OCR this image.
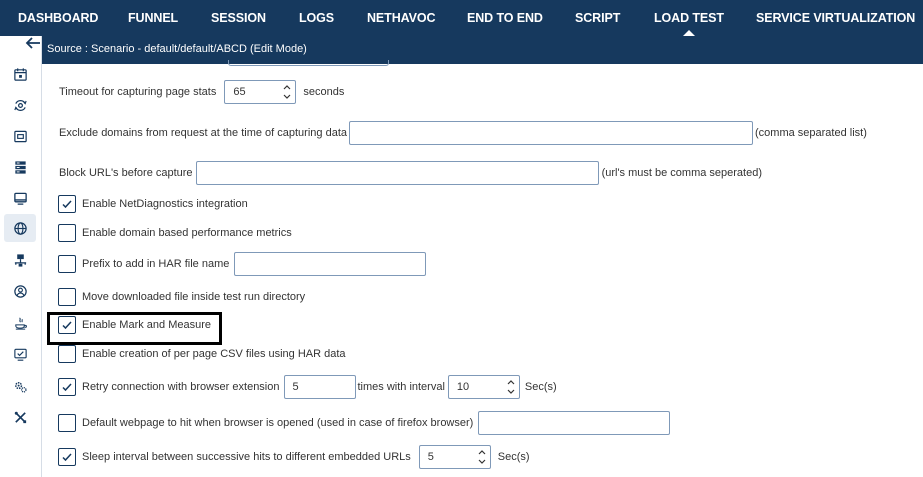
DASHBOARD FUNNEL	SESSION	LOGS	NETHAVOC	END TO END	SCRIPT	LOAD TEST	SERVICE VIRTUALIZATION
Source : Scenario - default/default/ABCD (Edit Mode)
Timeout for capturing page stats 65	seconds
Exclude domains from request at the time of capturing data	(comma separated list)
Block URL's before capture	(url's must be comma seperated)
Enable NetDiagnostics integration
Enable domain based performance metrics
Prefix to add in HAR file name
Move downloaded file inside test run directory
Enable Mark and Measure
Enable creation of per page CSV files using HAR data
Retry connection with browser extension	5	times with interval 10	Sec(s)
Default webpage to hit when browser is opened (used in case of firefox browser)
Sleep interval between successive hits to different embedded URLs 5	Sec(s)
